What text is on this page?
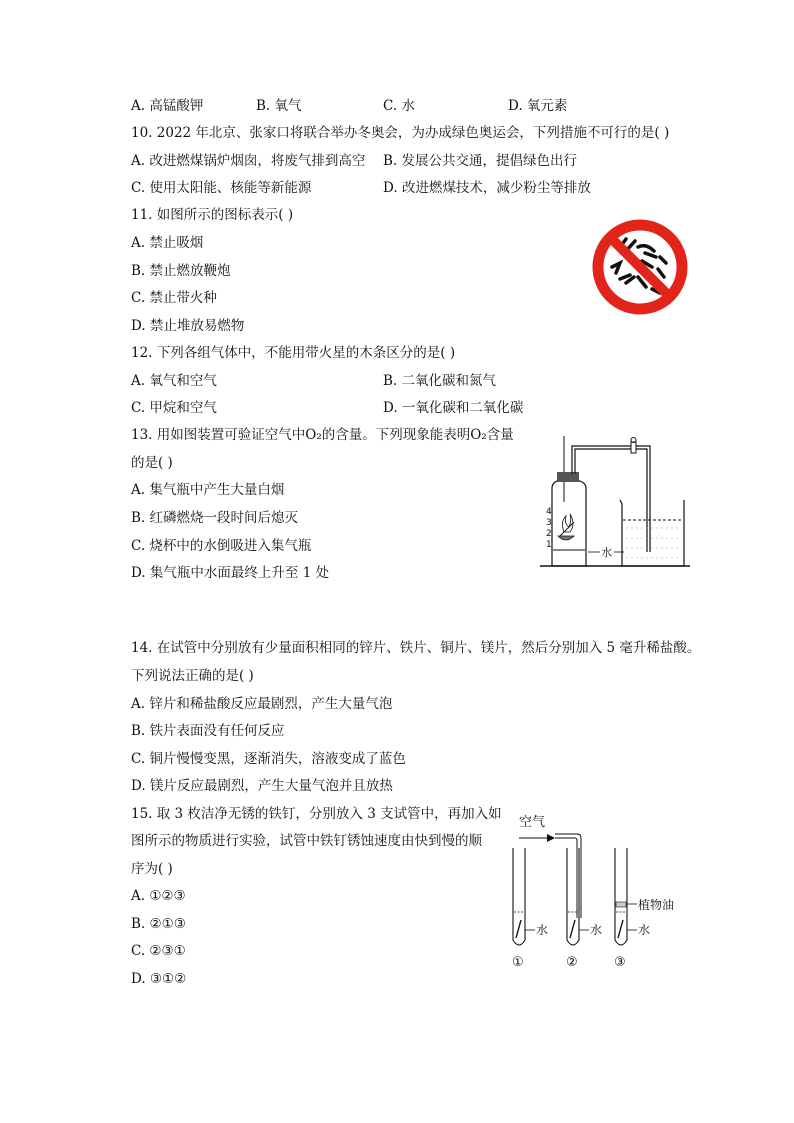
A. 高锰酸钾	B. 氧气	C. 水	D. 氧元素
10. 2022 年北京、张家口将联合举办冬奥会，为办成绿色奥运会，下列措施不可行的是( )
A. 改进燃煤锅炉烟囱，将废气排到高空 B. 发展公共交通，提倡绿色出行
C. 使用太阳能、核能等新能源	D. 改进燃煤技术，减少粉尘等排放
11. 如图所示的图标表示( )
A. 禁止吸烟
B. 禁止燃放鞭炮
C. 禁止带火种
D. 禁止堆放易燃物
12. 下列各组气体中，不能用带火星的木条区分的是( )
A. 氧气和空气	B. 二氧化碳和氮气
C. 甲烷和空气	D. 一氧化碳和二氧化碳
13. 用如图装置可验证空气中O₂的含量。下列现象能表明O₂含量
的是( )
A. 集气瓶中产生大量白烟
B. 红磷燃烧一段时间后熄灭
C. 烧杯中的水倒吸进入集气瓶
D. 集气瓶中水面最终上升至 1 处
4
3
2
1
水
14. 在试管中分别放有少量面积相同的锌片、铁片、铜片、镁片，然后分别加入 5 毫升稀盐酸。
下列说法正确的是( )
A. 锌片和稀盐酸反应最剧烈，产生大量气泡
B. 铁片表面没有任何反应
C. 铜片慢慢变黑，逐渐消失，溶液变成了蓝色
D. 镁片反应最剧烈，产生大量气泡并且放热
15. 取 3 枚洁净无锈的铁钉，分别放入 3 支试管中，再加入如
图所示的物质进行实验，试管中铁钉锈蚀速度由快到慢的顺
序为( )
A. ①②③
B. ②①③
C. ②③①
D. ③①②
空气
水	水
植物油
水
①	②	③
